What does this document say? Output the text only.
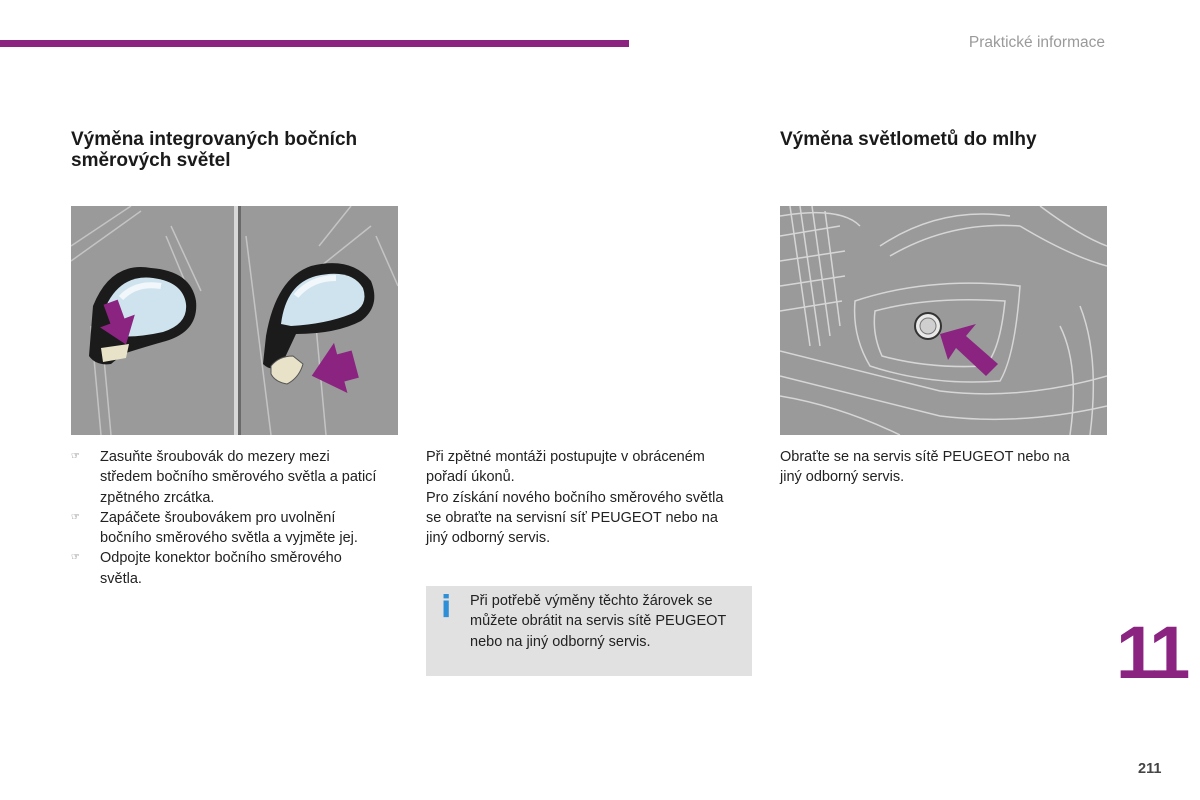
Praktické informace
Výměna integrovaných bočních
směrových světel
Výměna světlometů do mlhy
☞ Zasuňte šroubovák do mezery mezi
středem bočního směrového světla a paticí
zpětného zrcátka.
☞ Zapáčete šroubovákem pro uvolnění
bočního směrového světla a vyjměte jej.
☞ Odpojte konektor bočního směrového
světla.

Při zpětné montáži postupujte v obráceném
pořadí úkonů.

Pro získání nového bočního směrového světla
se obraťte na servisní síť PEUGEOT nebo na
jiný odborný servis.

i Při potřebě výměny těchto žárovek se
můžete obrátit na servis sítě PEUGEOT
nebo na jiný odborný servis.

Obraťte se na servis sítě PEUGEOT nebo na
jiný odborný servis.

11
211
